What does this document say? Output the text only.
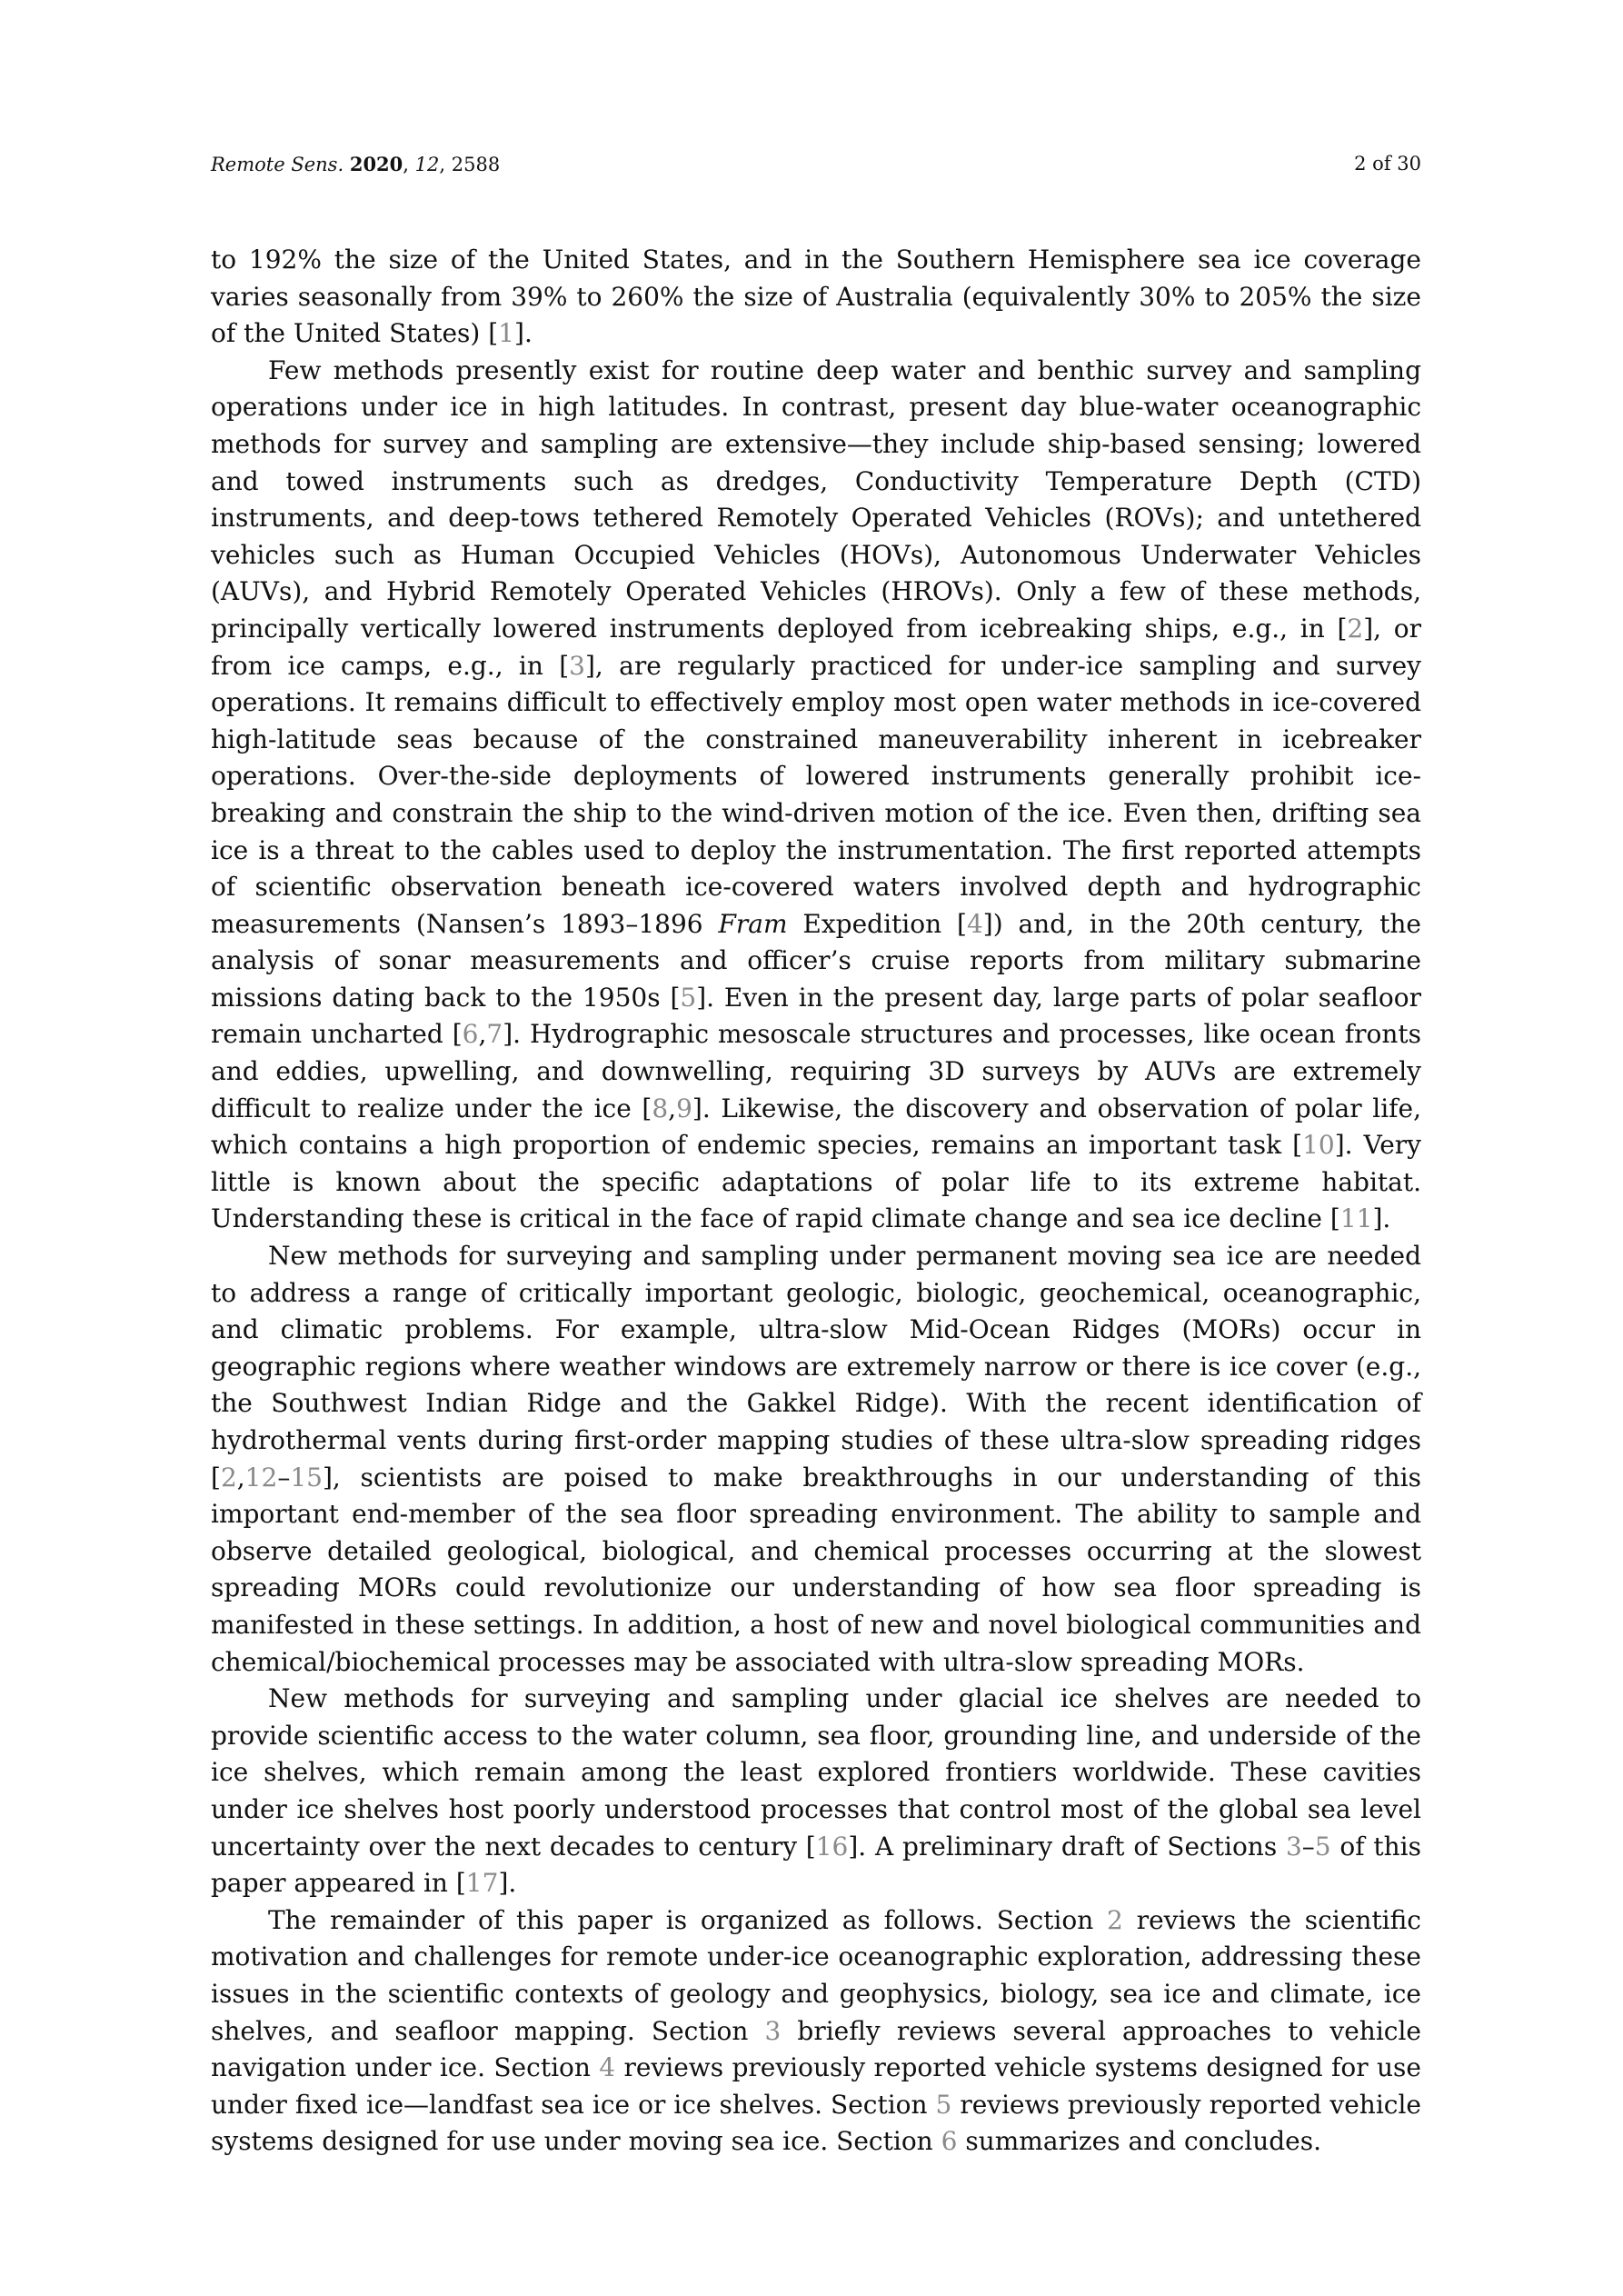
Remote Sens. 2020, 12, 2588	2 of 30

to 192% the size of the United States, and in the Southern Hemisphere sea ice coverage varies seasonally from 39% to 260% the size of Australia (equivalently 30% to 205% the size of the United States) [1].

Few methods presently exist for routine deep water and benthic survey and sampling operations under ice in high latitudes. In contrast, present day blue-water oceanographic methods for survey and sampling are extensive—they include ship-based sensing; lowered and towed instruments such as dredges, Conductivity Temperature Depth (CTD) instruments, and deep-tows tethered Remotely Operated Vehicles (ROVs); and untethered vehicles such as Human Occupied Vehicles (HOVs), Autonomous Underwater Vehicles (AUVs), and Hybrid Remotely Operated Vehicles (HROVs). Only a few of these methods, principally vertically lowered instruments deployed from icebreaking ships, e.g., in [2], or from ice camps, e.g., in [3], are regularly practiced for under-ice sampling and survey operations. It remains difficult to effectively employ most open water methods in ice-covered high-latitude seas because of the constrained maneuverability inherent in icebreaker operations. Over-the-side deployments of lowered instruments generally prohibit ice-breaking and constrain the ship to the wind-driven motion of the ice. Even then, drifting sea ice is a threat to the cables used to deploy the instrumentation. The first reported attempts of scientific observation beneath ice-covered waters involved depth and hydrographic measurements (Nansen’s 1893–1896 Fram Expedition [4]) and, in the 20th century, the analysis of sonar measurements and officer’s cruise reports from military submarine missions dating back to the 1950s [5]. Even in the present day, large parts of polar seafloor remain uncharted [6,7]. Hydrographic mesoscale structures and processes, like ocean fronts and eddies, upwelling, and downwelling, requiring 3D surveys by AUVs are extremely difficult to realize under the ice [8,9]. Likewise, the discovery and observation of polar life, which contains a high proportion of endemic species, remains an important task [10]. Very little is known about the specific adaptations of polar life to its extreme habitat. Understanding these is critical in the face of rapid climate change and sea ice decline [11].

New methods for surveying and sampling under permanent moving sea ice are needed to address a range of critically important geologic, biologic, geochemical, oceanographic, and climatic problems. For example, ultra-slow Mid-Ocean Ridges (MORs) occur in geographic regions where weather windows are extremely narrow or there is ice cover (e.g., the Southwest Indian Ridge and the Gakkel Ridge). With the recent identification of hydrothermal vents during first-order mapping studies of these ultra-slow spreading ridges [2,12–15], scientists are poised to make breakthroughs in our understanding of this important end-member of the sea floor spreading environment. The ability to sample and observe detailed geological, biological, and chemical processes occurring at the slowest spreading MORs could revolutionize our understanding of how sea floor spreading is manifested in these settings. In addition, a host of new and novel biological communities and chemical/biochemical processes may be associated with ultra-slow spreading MORs.

New methods for surveying and sampling under glacial ice shelves are needed to provide scientific access to the water column, sea floor, grounding line, and underside of the ice shelves, which remain among the least explored frontiers worldwide. These cavities under ice shelves host poorly understood processes that control most of the global sea level uncertainty over the next decades to century [16]. A preliminary draft of Sections 3–5 of this paper appeared in [17].

The remainder of this paper is organized as follows. Section 2 reviews the scientific motivation and challenges for remote under-ice oceanographic exploration, addressing these issues in the scientific contexts of geology and geophysics, biology, sea ice and climate, ice shelves, and seafloor mapping. Section 3 briefly reviews several approaches to vehicle navigation under ice. Section 4 reviews previously reported vehicle systems designed for use under fixed ice—landfast sea ice or ice shelves. Section 5 reviews previously reported vehicle systems designed for use under moving sea ice. Section 6 summarizes and concludes.
